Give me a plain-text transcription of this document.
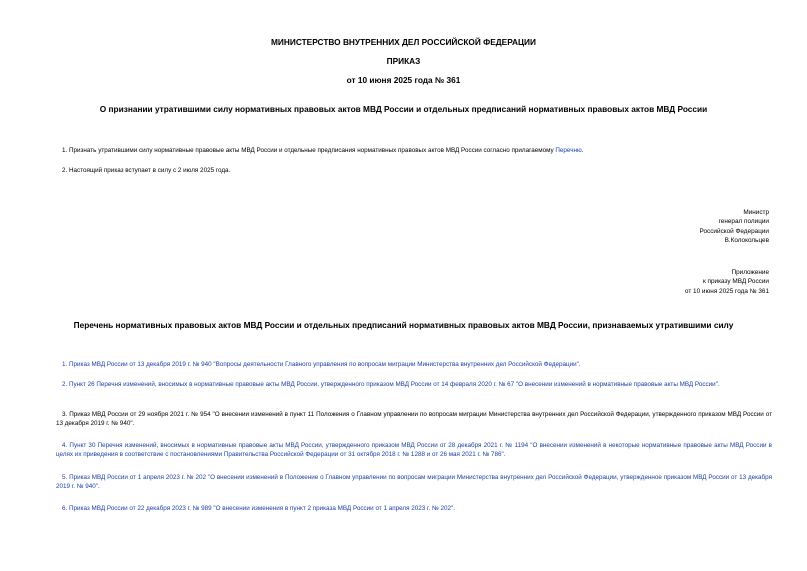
МИНИСТЕРСТВО ВНУТРЕННИХ ДЕЛ РОССИЙСКОЙ ФЕДЕРАЦИИ
ПРИКАЗ
от 10 июня 2025 года № 361
О признании утратившими силу нормативных правовых актов МВД России и отдельных предписаний нормативных правовых актов МВД России
1. Признать утратившими силу нормативные правовые акты МВД России и отдельные предписания нормативных правовых актов МВД России согласно прилагаемому Перечню.
2. Настоящий приказ вступает в силу с 2 июля 2025 года.
Министр
генерал полиции
Российской Федерации
В.Колокольцев
Приложение
к приказу МВД России
от 10 июня 2025 года № 361
Перечень нормативных правовых актов МВД России и отдельных предписаний нормативных правовых актов МВД России, признаваемых утратившими силу
1. Приказ МВД России от 13 декабря 2019 г. № 940 "Вопросы деятельности Главного управления по вопросам миграции Министерства внутренних дел Российской Федерации".
2. Пункт 26 Перечня изменений, вносимых в нормативные правовые акты МВД России, утвержденного приказом МВД России от 14 февраля 2020 г. № 67 "О внесении изменений в нормативные правовые акты МВД России".
3. Приказ МВД России от 29 ноября 2021 г. № 954 "О внесении изменений в пункт 11 Положения о Главном управлении по вопросам миграции Министерства внутренних дел Российской Федерации, утвержденного приказом МВД России от 13 декабря 2019 г. № 940".
4. Пункт 30 Перечня изменений, вносимых в нормативные правовые акты МВД России, утвержденного приказом МВД России от 28 декабря 2021 г. № 1194 "О внесении изменений в некоторые нормативные правовые акты МВД России в целях их приведения в соответствие с постановлениями Правительства Российской Федерации от 31 октября 2018 г. № 1288 и от 26 мая 2021 г. № 786".
5. Приказ МВД России от 1 апреля 2023 г. № 202 "О внесении изменений в Положение о Главном управлении по вопросам миграции Министерства внутренних дел Российской Федерации, утвержденное приказом МВД России от 13 декабря 2019 г. № 940".
6. Приказ МВД России от 22 декабря 2023 г. № 989 "О внесении изменения в пункт 2 приказа МВД России от 1 апреля 2023 г. № 202".
